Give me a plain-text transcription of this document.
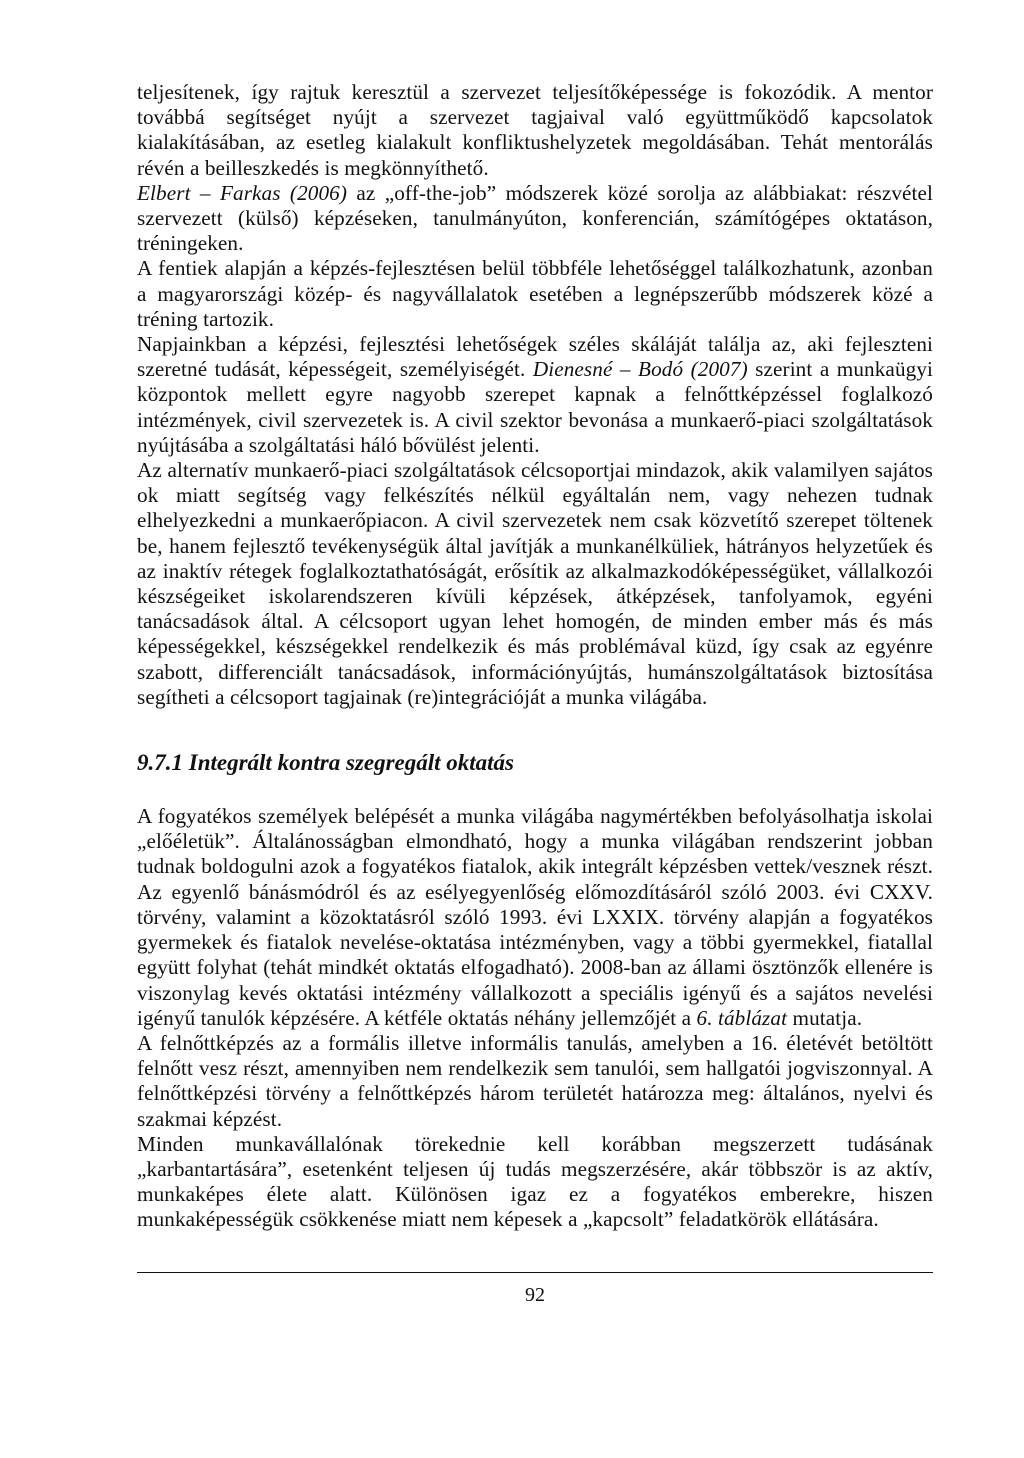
teljesítenek, így rajtuk keresztül a szervezet teljesítőképessége is fokozódik. A mentor továbbá segítséget nyújt a szervezet tagjaival való együttműködő kapcsolatok kialakításában, az esetleg kialakult konfliktushelyzetek megoldásában. Tehát mentorálás révén a beilleszkedés is megkönnyíthető.

Elbert – Farkas (2006) az „off-the-job” módszerek közé sorolja az alábbiakat: részvétel szervezett (külső) képzéseken, tanulmányúton, konferencián, számítógépes oktatáson, tréningeken.

A fentiek alapján a képzés-fejlesztésen belül többféle lehetőséggel találkozhatunk, azonban a magyarországi közép- és nagyvállalatok esetében a legnépszerűbb módszerek közé a tréning tartozik.

Napjainkban a képzési, fejlesztési lehetőségek széles skáláját találja az, aki fejleszteni szeretné tudását, képességeit, személyiségét. Dienesné – Bodó (2007) szerint a munkaügyi központok mellett egyre nagyobb szerepet kapnak a felnőttképzéssel foglalkozó intézmények, civil szervezetek is. A civil szektor bevonása a munkaerő-piaci szolgáltatások nyújtásába a szolgáltatási háló bővülést jelenti.

Az alternatív munkaerő-piaci szolgáltatások célcsoportjai mindazok, akik valamilyen sajátos ok miatt segítség vagy felkészítés nélkül egyáltalán nem, vagy nehezen tudnak elhelyezkedni a munkaerőpiacon. A civil szervezetek nem csak közvetítő szerepet töltenek be, hanem fejlesztő tevékenységük által javítják a munkanélküliek, hátrányos helyzetűek és az inaktív rétegek foglalkoztathatóságát, erősítik az alkalmazkodóképességüket, vállalkozói készségeiket iskolarendszeren kívüli képzések, átképzések, tanfolyamok, egyéni tanácsadások által. A célcsoport ugyan lehet homogén, de minden ember más és más képességekkel, készségekkel rendelkezik és más problémával küzd, így csak az egyénre szabott, differenciált tanácsadások, információnyújtás, humánszolgáltatások biztosítása segítheti a célcsoport tagjainak (re)integrációját a munka világába.

9.7.1 Integrált kontra szegregált oktatás

A fogyatékos személyek belépését a munka világába nagymértékben befolyásolhatja iskolai „előéletük”. Általánosságban elmondható, hogy a munka világában rendszerint jobban tudnak boldogulni azok a fogyatékos fiatalok, akik integrált képzésben vettek/vesznek részt. Az egyenlő bánásmódról és az esélyegyenlőség előmozdításáról szóló 2003. évi CXXV. törvény, valamint a közoktatásról szóló 1993. évi LXXIX. törvény alapján a fogyatékos gyermekek és fiatalok nevelése-oktatása intézményben, vagy a többi gyermekkel, fiatallal együtt folyhat (tehát mindkét oktatás elfogadható). 2008-ban az állami ösztönzők ellenére is viszonylag kevés oktatási intézmény vállalkozott a speciális igényű és a sajátos nevelési igényű tanulók képzésére. A kétféle oktatás néhány jellemzőjét a 6. táblázat mutatja.

A felnőttképzés az a formális illetve informális tanulás, amelyben a 16. életévét betöltött felnőtt vesz részt, amennyiben nem rendelkezik sem tanulói, sem hallgatói jogviszonnyal. A felnőttképzési törvény a felnőttképzés három területét határozza meg: általános, nyelvi és szakmai képzést.

Minden munkavállalónak törekednie kell korábban megszerzett tudásának „karbantartására”, esetenként teljesen új tudás megszerzésére, akár többször is az aktív, munkaképes élete alatt. Különösen igaz ez a fogyatékos emberekre, hiszen munkaképességük csökkenése miatt nem képesek a „kapcsolt” feladatkörök ellátására.

92
